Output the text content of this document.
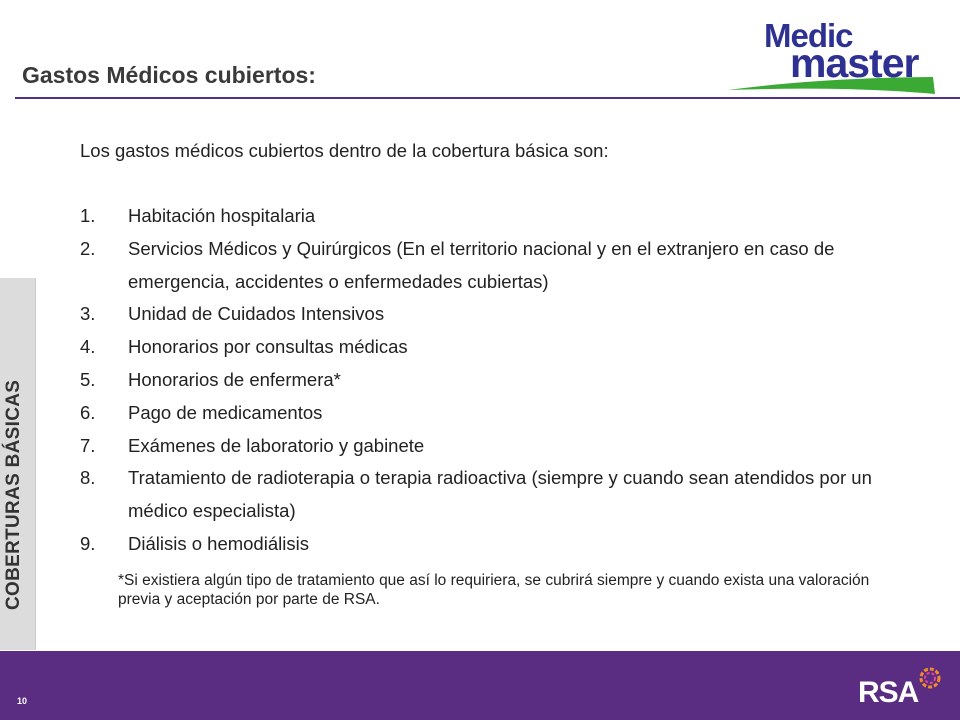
Gastos Médicos cubiertos:
Medic
master
COBERTURAS BÁSICAS
Los gastos médicos cubiertos dentro de la cobertura básica son:
1.	Habitación hospitalaria
2.	Servicios Médicos y Quirúrgicos (En el territorio nacional y en el extranjero en caso de emergencia, accidentes o enfermedades cubiertas)
3.	Unidad de Cuidados Intensivos
4.	Honorarios por consultas médicas
5.	Honorarios de enfermera*
6.	Pago de medicamentos
7.	Exámenes de laboratorio y gabinete
8.	Tratamiento de radioterapia o terapia radioactiva (siempre y cuando sean atendidos por un médico especialista)
9.	Diálisis o hemodiálisis
*Si existiera algún tipo de tratamiento que así lo requiriera, se cubrirá siempre y cuando exista una valoración previa y aceptación por parte de RSA.
10	RSA
